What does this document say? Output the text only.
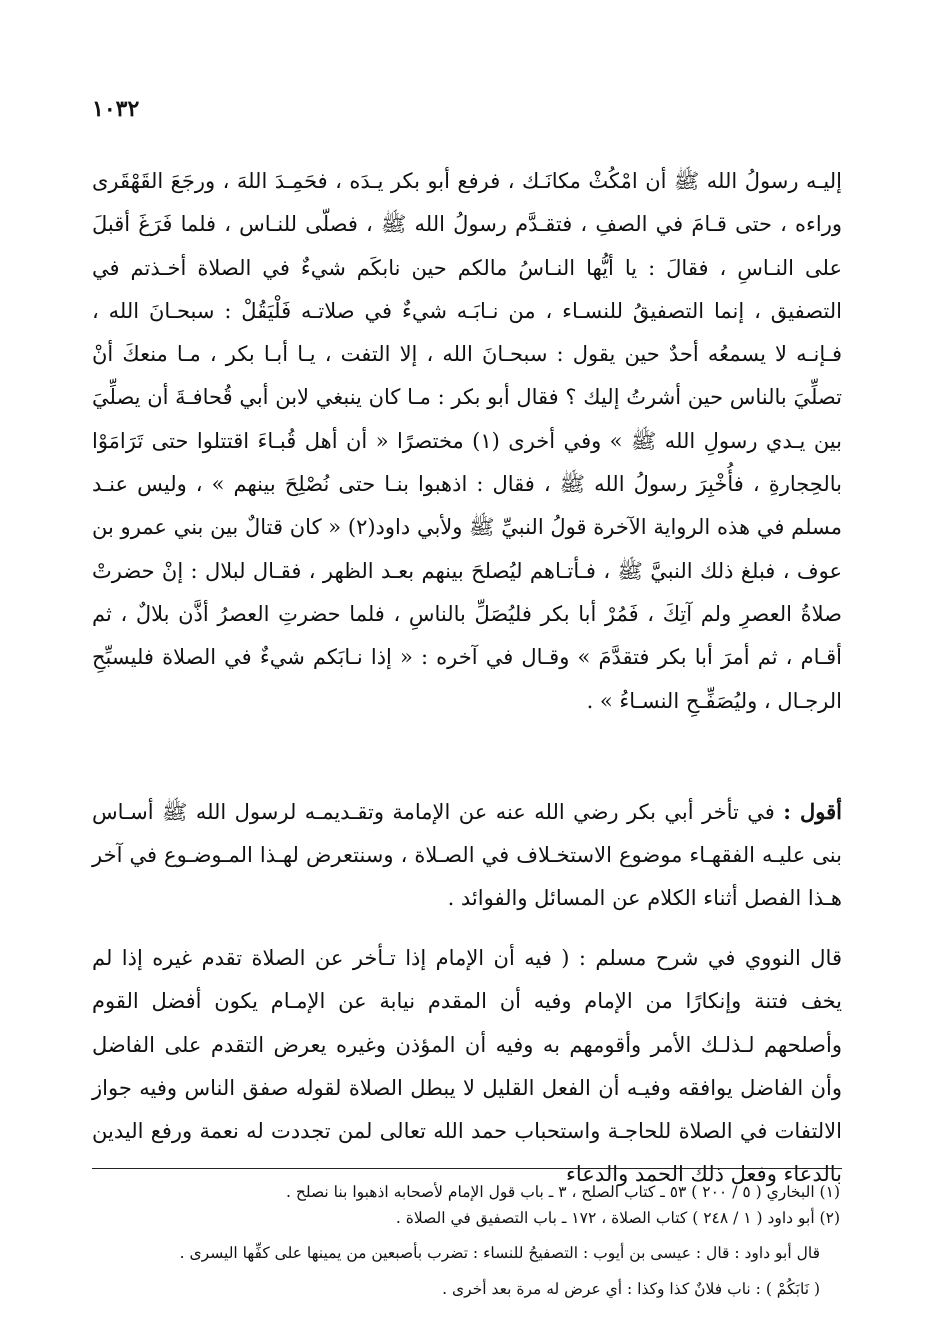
١٠٣٢

إليـه رسولُ الله ﷺ أن امْكُثْ مكانَـك ، فرفع أبو بكر يـدَه ، فحَمِـدَ اللهَ ، ورجَعَ القَهْقَرى وراءه ، حتى قـامَ في الصفِ ، فتقـدَّم رسولُ الله ﷺ ، فصلّى للنـاس ، فلما فَرَغَ أقبلَ على النـاسِ ، فقالَ : يا أيُّها النـاسُ مالكم حين نابكَم شيءٌ في الصلاة أخـذتم في التصفيق ، إنما التصفيقُ للنسـاء ، من نـابَـه شيءٌ في صلاتـه فَلْيَقُلْ : سبحـانَ الله ، فـإنـه لا يسمعُه أحدٌ حين يقول : سبحـانَ الله ، إلا التفت ، يـا أبـا بكر ، مـا منعكَ أنْ تصلِّيَ بالناس حين أشرتُ إليك ؟ فقال أبو بكر : مـا كان ينبغي لابن أبي قُحافـةَ أن يصلِّيَ بين يـدي رسولِ الله ﷺ » وفي أخرى (١) مختصرًا « أن أهل قُبـاءَ اقتتلوا حتى تَرَامَوْا بالحِجارةِ ، فأُخْبِرَ رسولُ الله ﷺ ، فقال : اذهبوا بنـا حتى نُصْلِحَ بينهم » ، وليس عنـد مسلم في هذه الرواية الآخرة قولُ النبيِّ ﷺ ولأبي داود(٢) « كان قتالٌ بين بني عمرو بن عوف ، فبلغ ذلك النبيَّ ﷺ ، فـأتـاهم ليُصلحَ بينهم بعـد الظهر ، فقـال لبلال : إنْ حضرتْ صلاةُ العصرِ ولم آتِكَ ، فَمُرْ أبا بكر فليُصَلِّ بالناسِ ، فلما حضرتِ العصرُ أذَّن بلالٌ ، ثم أقـام ، ثم أمرَ أبا بكر فتقدَّمَ » وقـال في آخره : « إذا نـابَكم شيءٌ في الصلاة فليسبِّحِ الرجـال ، وليُصَفِّـحِ النسـاءُ » .

أقول : في تأخر أبي بكر رضي الله عنه عن الإمامة وتقـديمـه لرسول الله ﷺ أسـاس بنى عليـه الفقهـاء موضوع الاستخـلاف في الصـلاة ، وسنتعرض لهـذا المـوضـوع في آخر هـذا الفصل أثناء الكلام عن المسائل والفوائد .

قال النووي في شرح مسلم : ( فيه أن الإمام إذا تـأخر عن الصلاة تقدم غيره إذا لم يخف فتنة وإنكارًا من الإمام وفيه أن المقدم نيابة عن الإمـام يكون أفضل القوم وأصلحهم لـذلـك الأمر وأقومهم به وفيه أن المؤذن وغيره يعرض التقدم على الفاضل وأن الفاضل يوافقه وفيـه أن الفعل القليل لا يبطل الصلاة لقوله صفق الناس وفيه جواز الالتفات في الصلاة للحاجـة واستحباب حمد الله تعالى لمن تجددت له نعمة ورفع اليدين بالدعاء وفعل ذلك الحمد والدعاء

(١) البخاري ( ٥ / ٢٠٠ ) ٥٣ ـ كتاب الصلح ، ٣ ـ باب قول الإمام لأصحابه اذهبوا بنا نصلح .

(٢) أبو داود ( ١ / ٢٤٨ ) كتاب الصلاة ، ١٧٢ ـ باب التصفيق في الصلاة .

قال أبو داود : قال : عيسى بن أيوب : التصفيحُ للنساء : تضرب بأصبعين من يمينها على كفِّها اليسرى .

( نَابَكُمْ ) : ناب فلانٌ كذا وكذا : أي عرض له مرة بعد أخرى .
